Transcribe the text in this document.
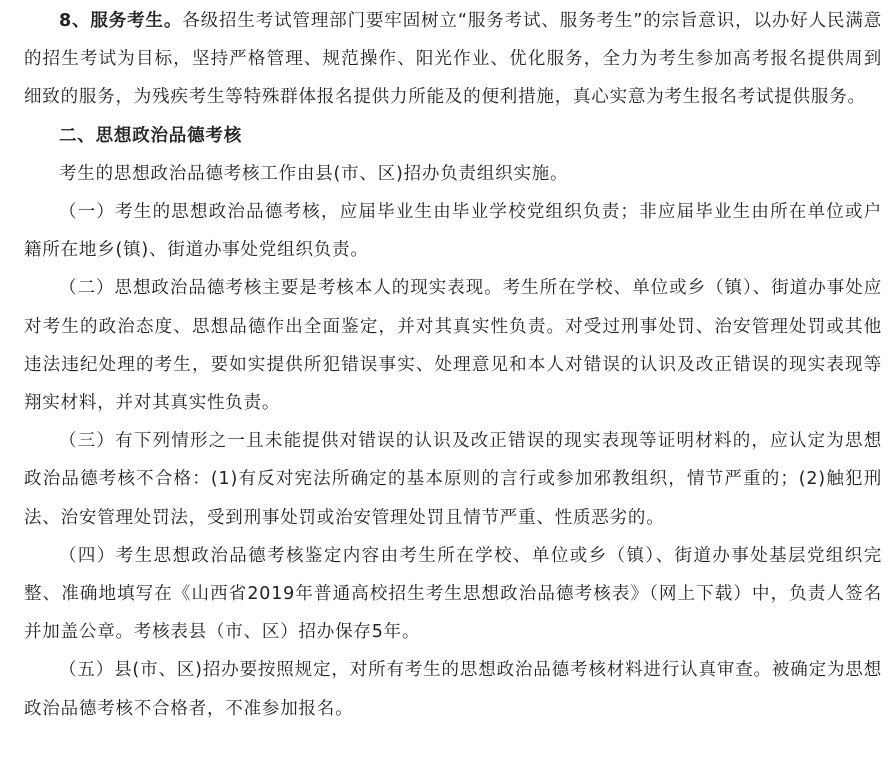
8、服务考生。各级招生考试管理部门要牢固树立“服务考试、服务考生”的宗旨意识，以办好人民满意的招生考试为目标，坚持严格管理、规范操作、阳光作业、优化服务，全力为考生参加高考报名提供周到细致的服务，为残疾考生等特殊群体报名提供力所能及的便利措施，真心实意为考生报名考试提供服务。

二、思想政治品德考核

考生的思想政治品德考核工作由县(市、区)招办负责组织实施。

（一）考生的思想政治品德考核，应届毕业生由毕业学校党组织负责；非应届毕业生由所在单位或户籍所在地乡(镇)、街道办事处党组织负责。

（二）思想政治品德考核主要是考核本人的现实表现。考生所在学校、单位或乡（镇）、街道办事处应对考生的政治态度、思想品德作出全面鉴定，并对其真实性负责。对受过刑事处罚、治安管理处罚或其他违法违纪处理的考生，要如实提供所犯错误事实、处理意见和本人对错误的认识及改正错误的现实表现等翔实材料，并对其真实性负责。

（三）有下列情形之一且未能提供对错误的认识及改正错误的现实表现等证明材料的，应认定为思想政治品德考核不合格：(1)有反对宪法所确定的基本原则的言行或参加邪教组织，情节严重的；(2)触犯刑法、治安管理处罚法，受到刑事处罚或治安管理处罚且情节严重、性质恶劣的。

（四）考生思想政治品德考核鉴定内容由考生所在学校、单位或乡（镇）、街道办事处基层党组织完整、准确地填写在《山西省2019年普通高校招生考生思想政治品德考核表》（网上下载）中，负责人签名并加盖公章。考核表县（市、区）招办保存5年。

（五）县(市、区)招办要按照规定，对所有考生的思想政治品德考核材料进行认真审查。被确定为思想政治品德考核不合格者，不准参加报名。
